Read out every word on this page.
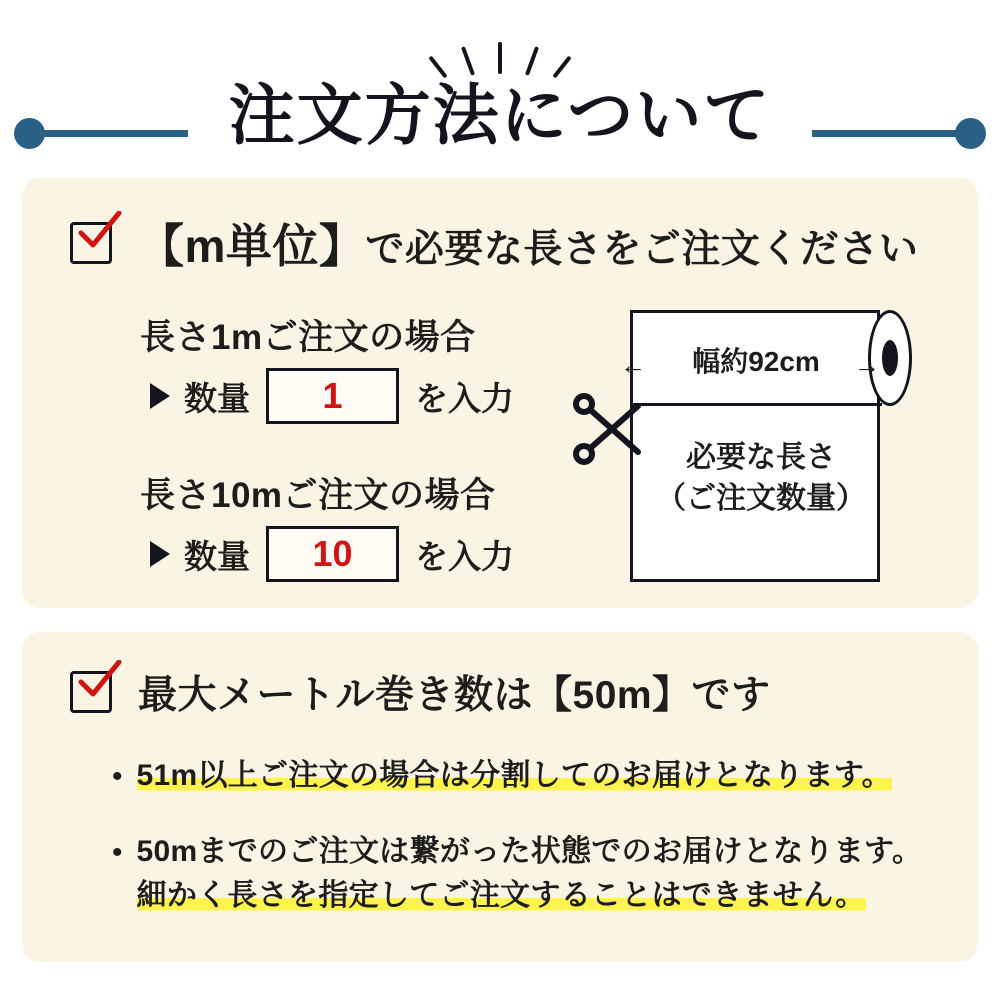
注文方法について
【m単位】で必要な長さをご注文ください
長さ1mご注文の場合
数量	1	を入力
長さ10mご注文の場合
数量	10	を入力
←	幅約92cm	→
必要な長さ
（ご注文数量）
最大メートル巻き数は【50m】です
• 51m以上ご注文の場合は分割してのお届けとなります。
• 50mまでのご注文は繋がった状態でのお届けとなります。
細かく長さを指定してご注文することはできません。
